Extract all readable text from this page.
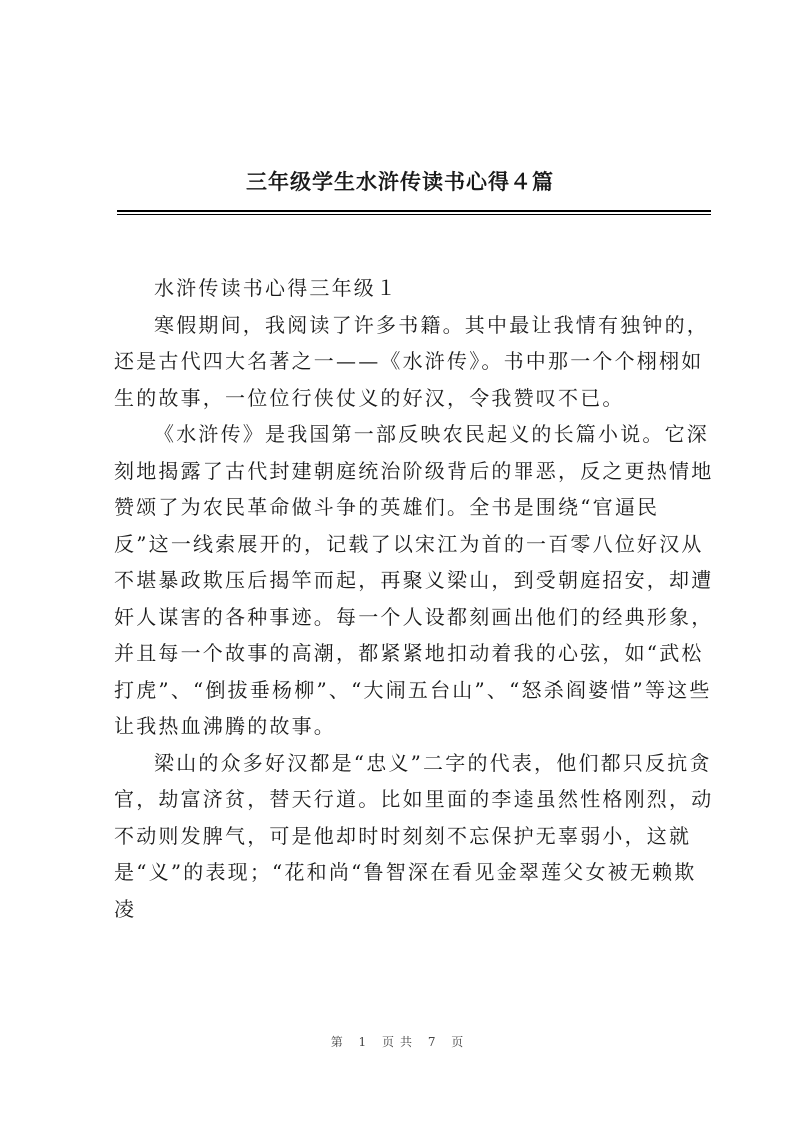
三年级学生水浒传读书心得４篇

水浒传读书心得三年级１

寒假期间，我阅读了许多书籍。其中最让我情有独钟的，还是古代四大名著之一——《水浒传》。书中那一个个栩栩如生的故事，一位位行侠仗义的好汉，令我赞叹不已。

《水浒传》是我国第一部反映农民起义的长篇小说。它深刻地揭露了古代封建朝庭统治阶级背后的罪恶，反之更热情地赞颂了为农民革命做斗争的英雄们。全书是围绕“官逼民反”这一线索展开的，记载了以宋江为首的一百零八位好汉从不堪暴政欺压后揭竿而起，再聚义梁山，到受朝庭招安，却遭奸人谋害的各种事迹。每一个人设都刻画出他们的经典形象，并且每一个故事的高潮，都紧紧地扣动着我的心弦，如“武松打虎”、“倒拔垂杨柳”、“大闹五台山”、“怒杀阎婆惜”等这些让我热血沸腾的故事。

梁山的众多好汉都是“忠义”二字的代表，他们都只反抗贪官，劫富济贫，替天行道。比如里面的李逵虽然性格刚烈，动不动则发脾气，可是他却时时刻刻不忘保护无辜弱小，这就是“义”的表现；“花和尚“鲁智深在看见金翠莲父女被无赖欺凌

第 1 页共 7 页
